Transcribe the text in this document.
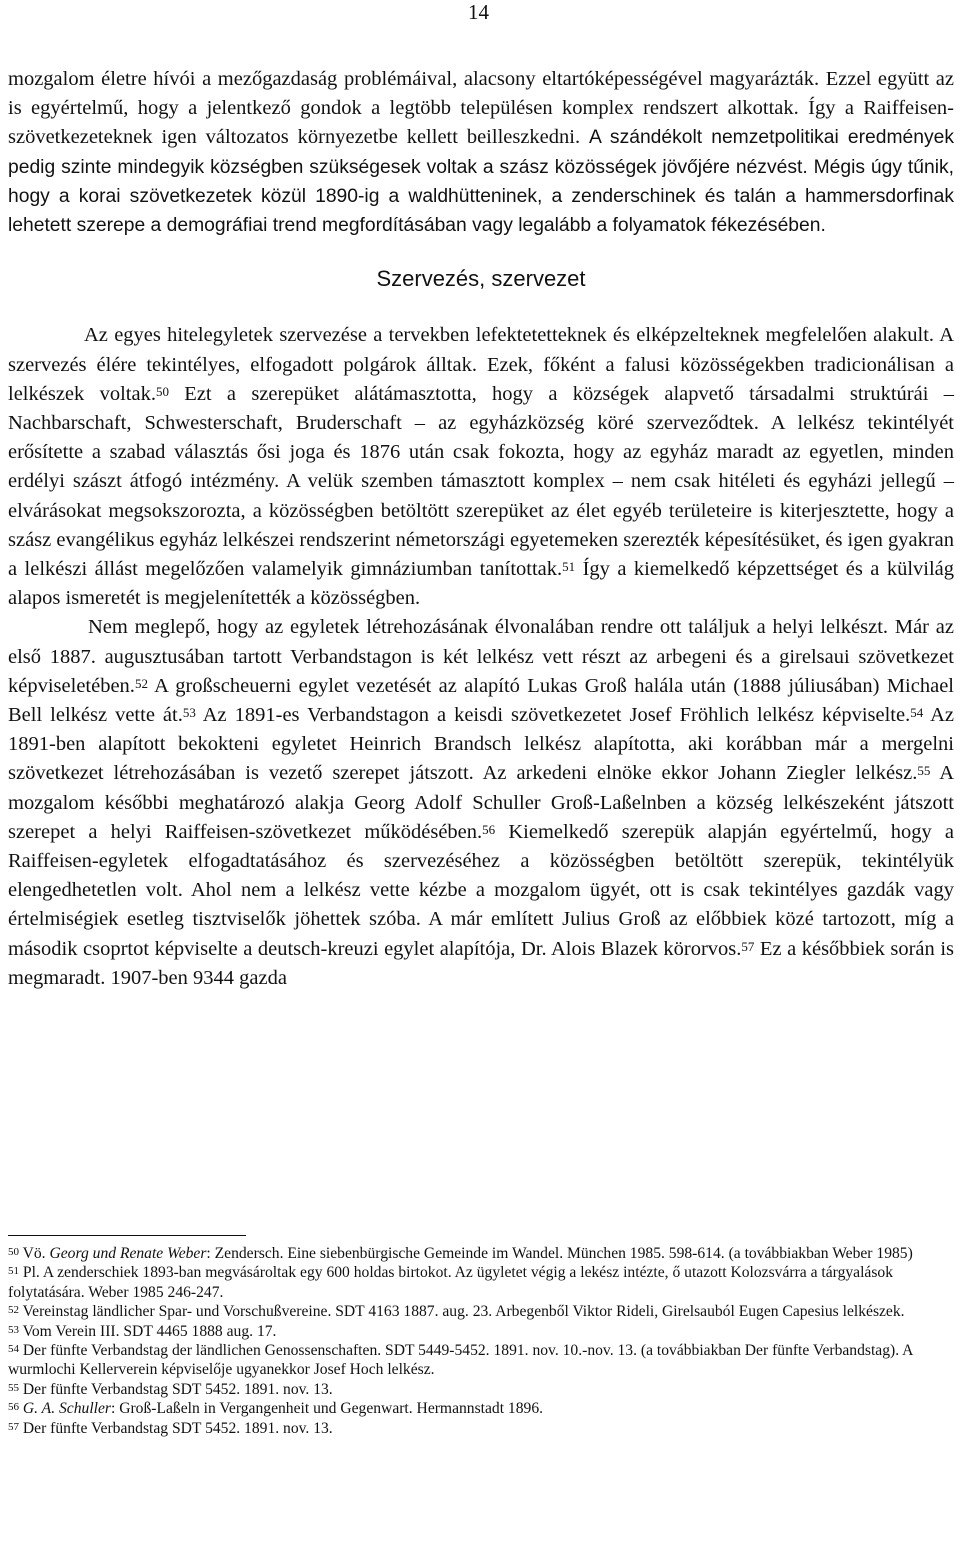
14

mozgalom életre hívói a mezőgazdaság problémáival, alacsony eltartóképességével magyarázták. Ezzel együtt az is egyértelmű, hogy a jelentkező gondok a legtöbb településen komplex rendszert alkottak. Így a Raiffeisen-szövetkezeteknek igen változatos környezetbe kellett beilleszkedni. A szándékolt nemzetpolitikai eredmények pedig szinte mindegyik községben szükségesek voltak a szász közösségek jövőjére nézvést. Mégis úgy tűnik, hogy a korai szövetkezetek közül 1890-ig a waldhütteninek, a zenderschinek és talán a hammersdorfinak lehetett szerepe a demográfiai trend megfordításában vagy legalább a folyamatok fékezésében.

Szervezés, szervezet

Az egyes hitelegyletek szervezése a tervekben lefektetetteknek és elképzelteknek megfelelően alakult. A szervezés élére tekintélyes, elfogadott polgárok álltak. Ezek, főként a falusi közösségekben tradicionálisan a lelkészek voltak.$^{50}$ Ezt a szerepüket alátámasztotta, hogy a községek alapvető társadalmi struktúrái – Nachbarschaft, Schwesterschaft, Bruderschaft – az egyházközség köré szerveződtek. A lelkész tekintélyét erősítette a szabad választás ősi joga és 1876 után csak fokozta, hogy az egyház maradt az egyetlen, minden erdélyi szászt átfogó intézmény. A velük szemben támasztott komplex – nem csak hitéleti és egyházi jellegű – elvárásokat megsokszorozta, a közösségben betöltött szerepüket az élet egyéb területeire is kiterjesztette, hogy a szász evangélikus egyház lelkészei rendszerint németországi egyetemeken szerezték képesítésüket, és igen gyakran a lelkészi állást megelőzően valamelyik gimnáziumban tanítottak.$^{51}$ Így a kiemelkedő képzettséget és a külvilág alapos ismeretét is megjelenítették a közösségben.

Nem meglepő, hogy az egyletek létrehozásának élvonalában rendre ott találjuk a helyi lelkészt. Már az első 1887. augusztusában tartott Verbandstagon is két lelkész vett részt az arbegeni és a girelsaui szövetkezet képviseletében.$^{52}$ A großscheuerni egylet vezetését az alapító Lukas Groß halála után (1888 júliusában) Michael Bell lelkész vette át.$^{53}$ Az 1891-es Verbandstagon a keisdi szövetkezetet Josef Fröhlich lelkész képviselte.$^{54}$ Az 1891-ben alapított bekokteni egyletet Heinrich Brandsch lelkész alapította, aki korábban már a mergelni szövetkezet létrehozásában is vezető szerepet játszott. Az arkedeni elnöke ekkor Johann Ziegler lelkész.$^{55}$ A mozgalom későbbi meghatározó alakja Georg Adolf Schuller Groß-Laßelnben a község lelkészeként játszott szerepet a helyi Raiffeisen-szövetkezet működésében.$^{56}$ Kiemelkedő szerepük alapján egyértelmű, hogy a Raiffeisen-egyletek elfogadtatásához és szervezéséhez a közösségben betöltött szerepük, tekintélyük elengedhetetlen volt. Ahol nem a lelkész vette kézbe a mozgalom ügyét, ott is csak tekintélyes gazdák vagy értelmiségiek esetleg tisztviselők jöhettek szóba. A már említett Julius Groß az előbbiek közé tartozott, míg a második csoprtot képviselte a deutsch-kreuzi egylet alapítója, Dr. Alois Blazek körorvos.$^{57}$ Ez a későbbiek során is megmaradt. 1907-ben 9344 gazda

$^{50}$ Vö. Georg und Renate Weber: Zendersch. Eine siebenbürgische Gemeinde im Wandel. München 1985. 598-614. (a továbbiakban Weber 1985)

$^{51}$ Pl. A zenderschiek 1893-ban megvásároltak egy 600 holdas birtokot. Az ügyletet végig a lekész intézte, ő utazott Kolozsvárra a tárgyalások folytatására. Weber 1985 246-247.

$^{52}$ Vereinstag ländlicher Spar- und Vorschußvereine. SDT 4163 1887. aug. 23. Arbegenből Viktor Rideli, Girelsauból Eugen Capesius lelkészek.

$^{53}$ Vom Verein III. SDT 4465 1888 aug. 17.

$^{54}$ Der fünfte Verbandstag der ländlichen Genossenschaften. SDT 5449-5452. 1891. nov. 10.-nov. 13. (a továbbiakban Der fünfte Verbandstag). A wurmlochi Kellerverein képviselője ugyanekkor Josef Hoch lelkész.

$^{55}$ Der fünfte Verbandstag SDT 5452. 1891. nov. 13.

$^{56}$ G. A. Schuller: Groß-Laßeln in Vergangenheit und Gegenwart. Hermannstadt 1896.

$^{57}$ Der fünfte Verbandstag SDT 5452. 1891. nov. 13.
